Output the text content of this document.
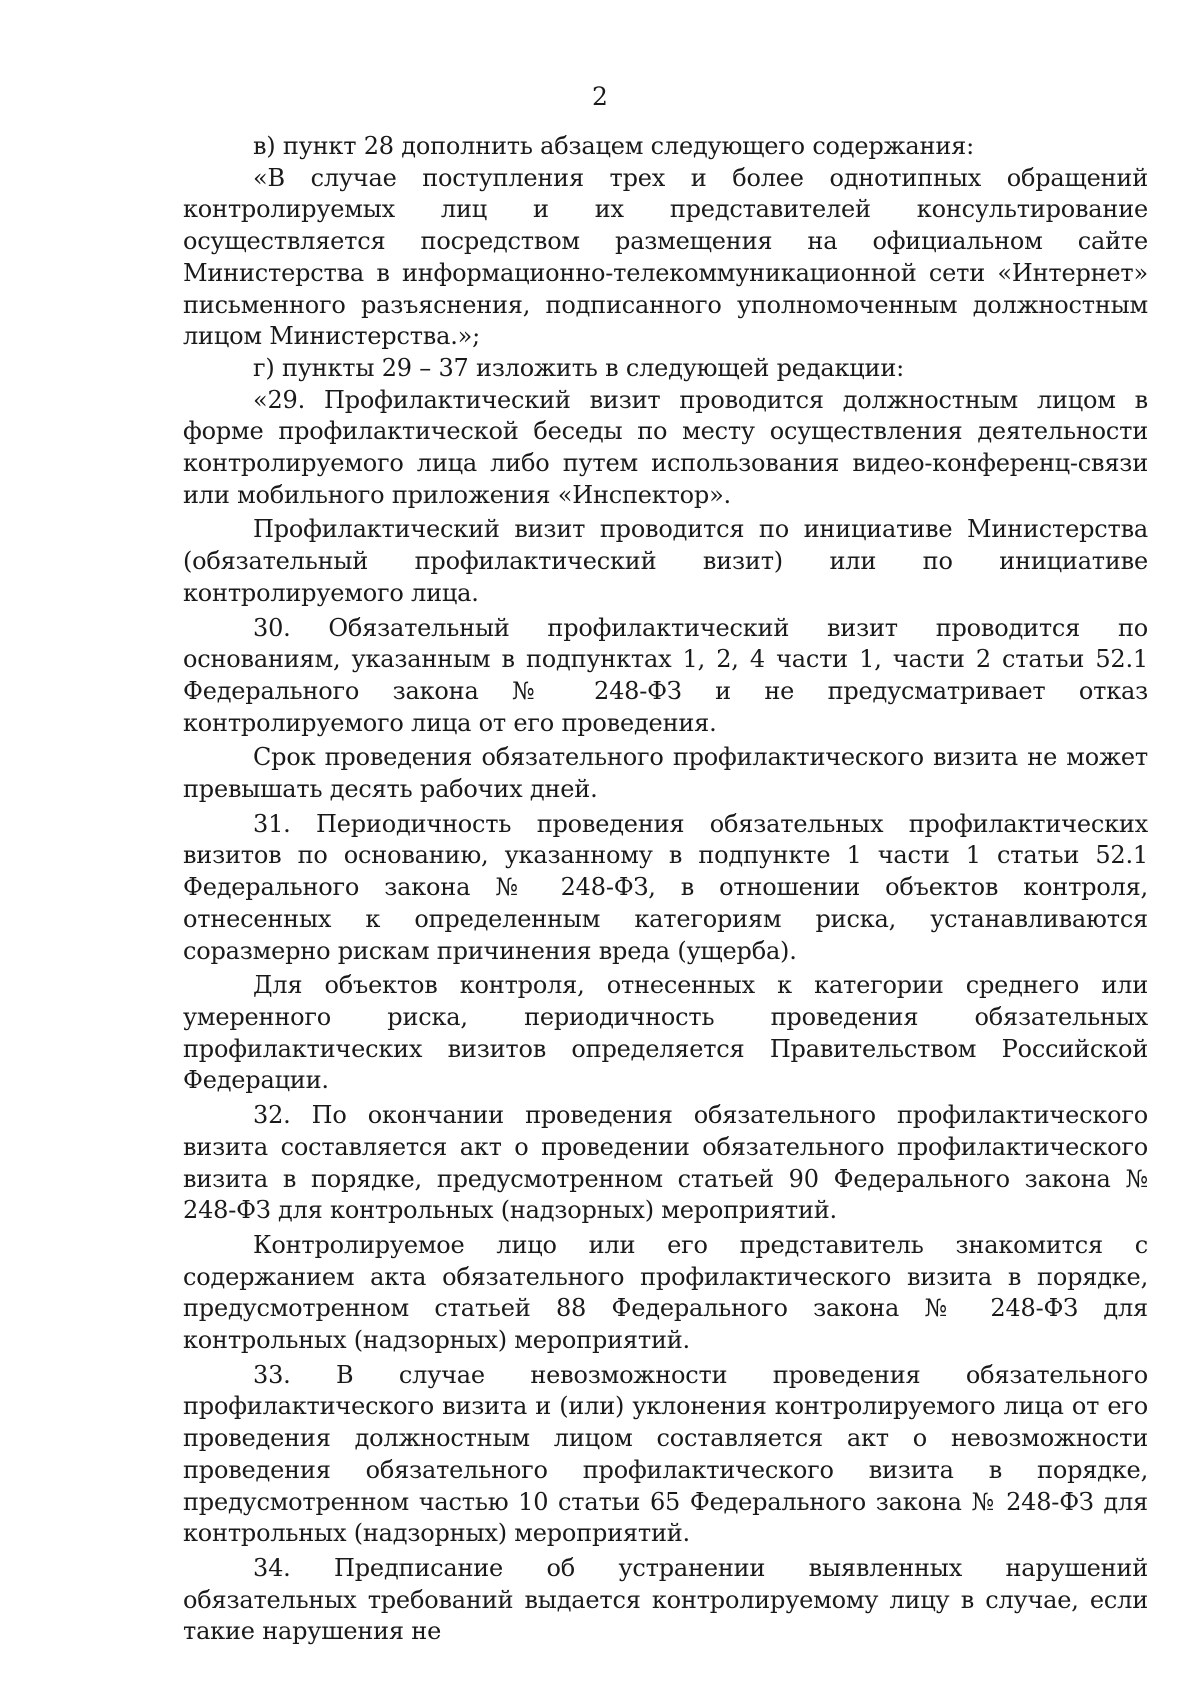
2

в) пункт 28 дополнить абзацем следующего содержания:

«В случае поступления трех и более однотипных обращений контролируемых лиц и их представителей консультирование осуществляется посредством размещения на официальном сайте Министерства в информационно-телекоммуникационной сети «Интернет» письменного разъяснения, подписанного уполномоченным должностным лицом Министерства.»;

г) пункты 29 – 37 изложить в следующей редакции:

«29. Профилактический визит проводится должностным лицом в форме профилактической беседы по месту осуществления деятельности контролируемого лица либо путем использования видео-конференц-связи или мобильного приложения «Инспектор».

Профилактический визит проводится по инициативе Министерства (обязательный профилактический визит) или по инициативе контролируемого лица.

30. Обязательный профилактический визит проводится по основаниям, указанным в подпунктах 1, 2, 4 части 1, части 2 статьи 52.1 Федерального закона № 248-ФЗ и не предусматривает отказ контролируемого лица от его проведения.

Срок проведения обязательного профилактического визита не может превышать десять рабочих дней.

31. Периодичность проведения обязательных профилактических визитов по основанию, указанному в подпункте 1 части 1 статьи 52.1 Федерального закона № 248-ФЗ, в отношении объектов контроля, отнесенных к определенным категориям риска, устанавливаются соразмерно рискам причинения вреда (ущерба).

Для объектов контроля, отнесенных к категории среднего или умеренного риска, периодичность проведения обязательных профилактических визитов определяется Правительством Российской Федерации.

32. По окончании проведения обязательного профилактического визита составляется акт о проведении обязательного профилактического визита в порядке, предусмотренном статьей 90 Федерального закона № 248-ФЗ для контрольных (надзорных) мероприятий.

Контролируемое лицо или его представитель знакомится с содержанием акта обязательного профилактического визита в порядке, предусмотренном статьей 88 Федерального закона № 248-ФЗ для контрольных (надзорных) мероприятий.

33. В случае невозможности проведения обязательного профилактического визита и (или) уклонения контролируемого лица от его проведения должностным лицом составляется акт о невозможности проведения обязательного профилактического визита в порядке, предусмотренном частью 10 статьи 65 Федерального закона № 248-ФЗ для контрольных (надзорных) мероприятий.

34. Предписание об устранении выявленных нарушений обязательных требований выдается контролируемому лицу в случае, если такие нарушения не
